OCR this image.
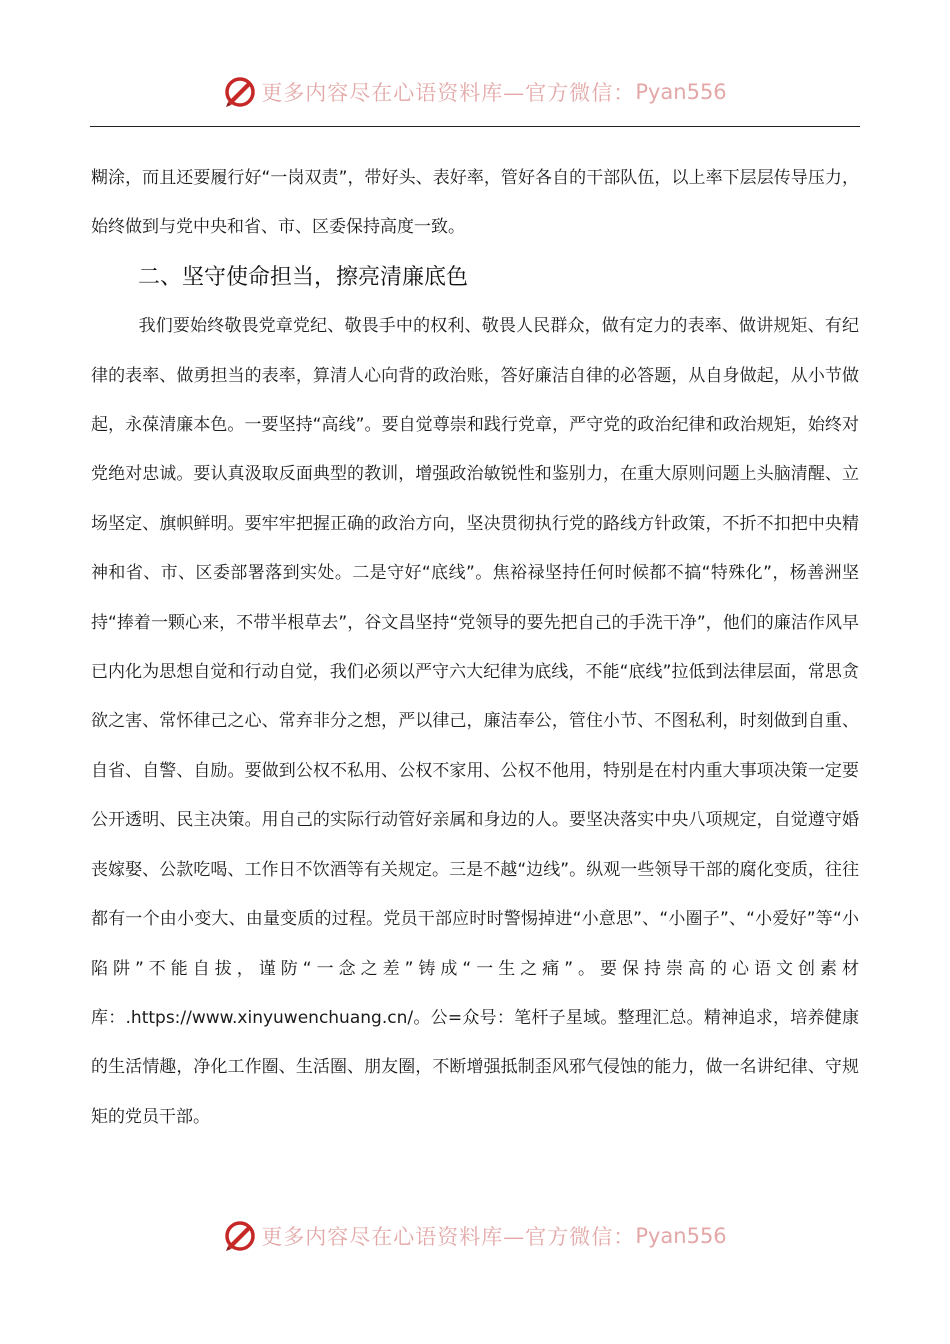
更多内容尽在心语资料库—官方微信： Pyan556

糊涂，而且还要履行好“一岗双责”，带好头、表好率，管好各自的干部队伍，以上率下层层传导压力，始终做到与党中央和省、市、区委保持高度一致。

二、坚守使命担当，擦亮清廉底色

我们要始终敬畏党章党纪、敬畏手中的权利、敬畏人民群众，做有定力的表率、做讲规矩、有纪律的表率、做勇担当的表率，算清人心向背的政治账，答好廉洁自律的必答题，从自身做起，从小节做起，永葆清廉本色。一要坚持“高线”。要自觉尊崇和践行党章，严守党的政治纪律和政治规矩，始终对党绝对忠诚。要认真汲取反面典型的教训，增强政治敏锐性和鉴别力，在重大原则问题上头脑清醒、立场坚定、旗帜鲜明。要牢牢把握正确的政治方向，坚决贯彻执行党的路线方针政策，不折不扣把中央精神和省、市、区委部署落到实处。二是守好“底线”。焦裕禄坚持任何时候都不搞“特殊化”，杨善洲坚持“捧着一颗心来，不带半根草去”，谷文昌坚持“党领导的要先把自己的手洗干净”，他们的廉洁作风早已内化为思想自觉和行动自觉，我们必须以严守六大纪律为底线，不能“底线”拉低到法律层面，常思贪欲之害、常怀律己之心、常弃非分之想，严以律己，廉洁奉公，管住小节、不图私利，时刻做到自重、自省、自警、自励。要做到公权不私用、公权不家用、公权不他用，特别是在村内重大事项决策一定要公开透明、民主决策。用自己的实际行动管好亲属和身边的人。要坚决落实中央八项规定，自觉遵守婚丧嫁娶、公款吃喝、工作日不饮酒等有关规定。三是不越“边线”。纵观一些领导干部的腐化变质，往往都有一个由小变大、由量变质的过程。党员干部应时时警惕掉进“小意思”、“小圈子”、“小爱好”等“小陷阱”不能自拔，谨防“一念之差”铸成“一生之痛”。要保持崇高的心语文创素材库：.https://www.xinyuwenchuang.cn/。公=众号：笔杆子星域。整理汇总。精神追求，培养健康的生活情趣，净化工作圈、生活圈、朋友圈，不断增强抵制歪风邪气侵蚀的能力，做一名讲纪律、守规矩的党员干部。

更多内容尽在心语资料库—官方微信： Pyan556
